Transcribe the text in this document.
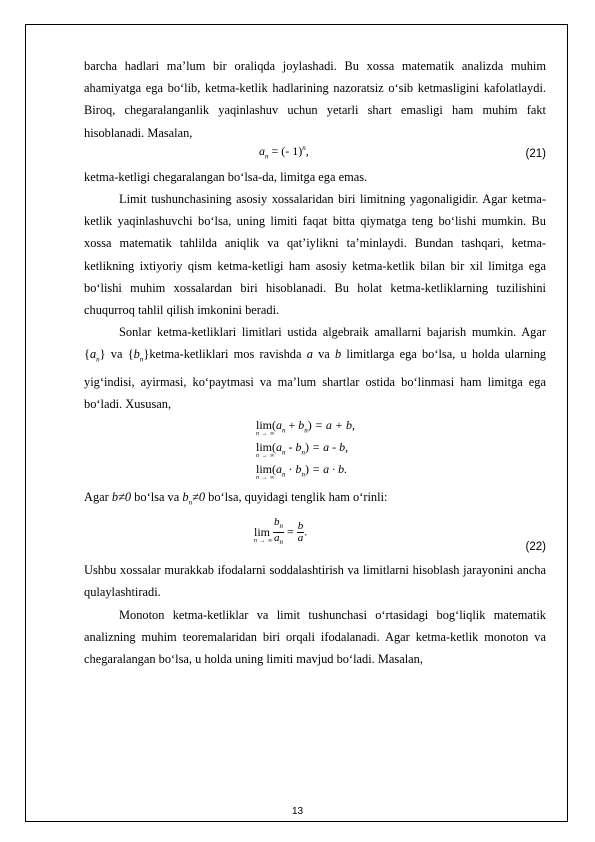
barcha hadlari ma’lum bir oraliqda joylashadi. Bu xossa matematik analizda muhim ahamiyatga ega bo‘lib, ketma-ketlik hadlarining nazoratsiz o‘sib ketmasligini kafolatlaydi. Biroq, chegaralanganlik yaqinlashuv uchun yetarli shart emasligi ham muhim fakt hisoblanadi. Masalan,

$a_n$ = (- 1)$^n$,	(21)

ketma-ketligi chegaralangan bo‘lsa-da, limitga ega emas.

Limit tushunchasining asosiy xossalaridan biri limitning yagonaligidir. Agar ketma-ketlik yaqinlashuvchi bo‘lsa, uning limiti faqat bitta qiymatga teng bo‘lishi mumkin. Bu xossa matematik tahlilda aniqlik va qat’iylikni ta’minlaydi. Bundan tashqari, ketma-ketlikning ixtiyoriy qism ketma-ketligi ham asosiy ketma-ketlik bilan bir xil limitga ega bo‘lishi muhim xossalardan biri hisoblanadi. Bu holat ketma-ketliklarning tuzilishini chuqurroq tahlil qilish imkonini beradi.

Sonlar ketma-ketliklari limitlari ustida algebraik amallarni bajarish mumkin. Agar $\{a_n\}$ va $\{b_n\}ketma$-ketliklari mos ravishda a va b limitlarga ega bo‘lsa, u holda ularning yig‘indisi, ayirmasi, ko‘paytmasi va ma’lum shartlar ostida bo‘linmasi ham limitga ega bo‘ladi. Xususan,

lim
n → ∞
$(a_n + b_n) = a + b$,
lim
n → ∞
$(a_n - b_n) = a - b$,
lim
n → ∞
$(a_n \cdot b_n) = a \cdot b$.

Agar b≠0 bo‘lsa va $b_n\ne 0$ bo‘lsa, quyidagi tenglik ham o‘rinli:

lim
n → ∞
$\frac{b_n}{a_n} = \frac{b}{a}$ .
(22)

Ushbu xossalar murakkab ifodalarni soddalashtirish va limitlarni hisoblash jarayonini ancha qulaylashtiradi.

Monoton ketma-ketliklar va limit tushunchasi o‘rtasidagi bog‘liqlik matematik analizning muhim teoremalaridan biri orqali ifodalanadi. Agar ketma-ketlik monoton va chegaralangan bo‘lsa, u holda uning limiti mavjud bo‘ladi. Masalan,

13
